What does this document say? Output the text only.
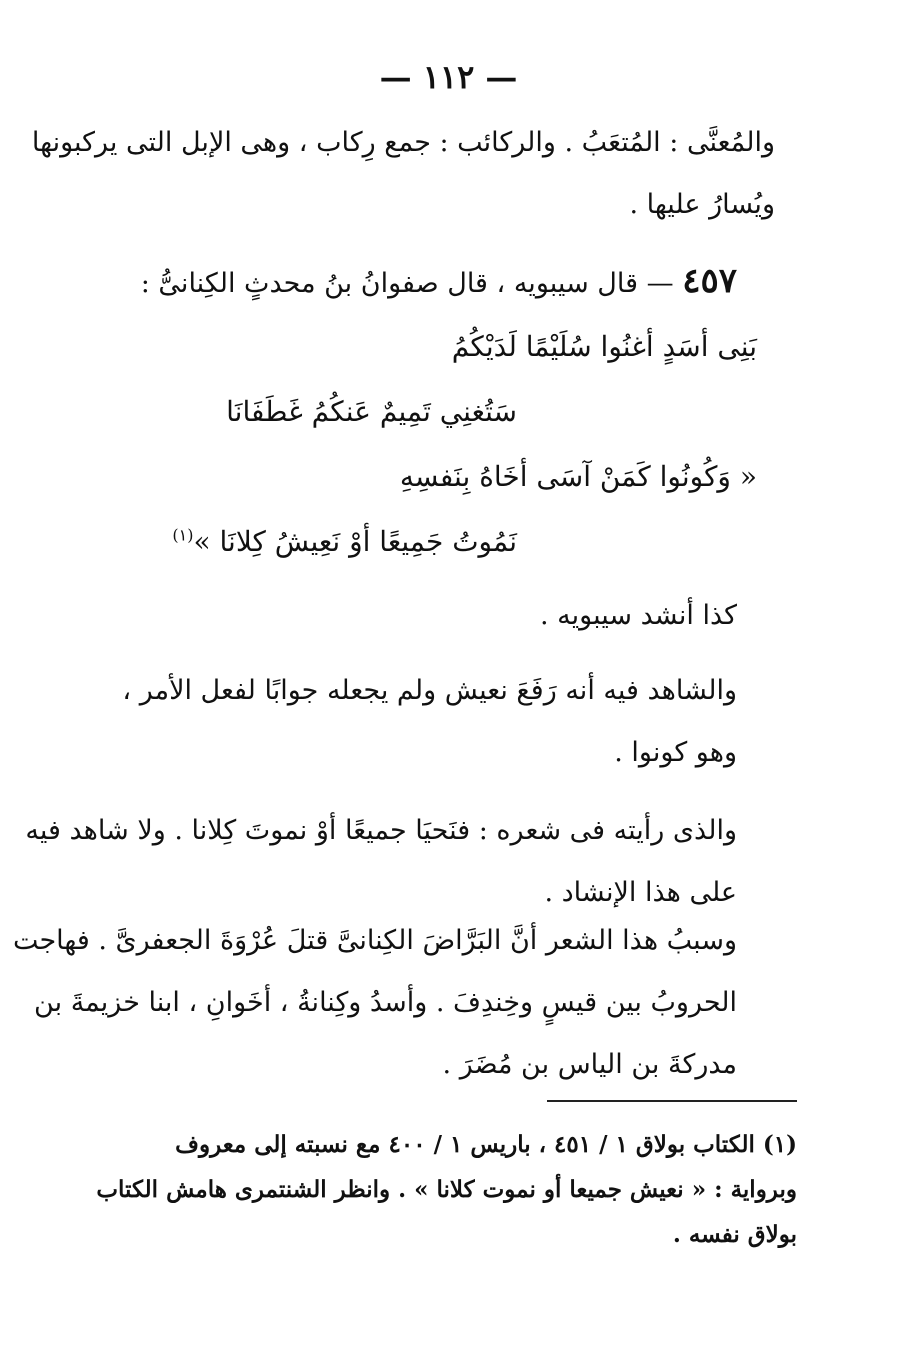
— ١١٢ —
والمُعنَّى : المُتعَبُ . والركائب : جمع رِكاب ، وهى الإبل التى يركبونها
ويُسارُ عليها .
٤٥٧ — قال سيبويه ، قال صفوانُ بنُ محدثٍ الكِنانىُّ :
بَنِى أسَدٍ أغنُوا سُلَيْمًا لَدَيْكُمُ
سَتُغنِي تَمِيمٌ عَنكُمُ غَطَفَانَا
« وَكُونُوا كَمَنْ آسَى أخَاهُ بِنَفسِهِ
نَمُوتُ جَمِيعًا أوْ نَعِيشُ كِلانَا »$^{(١)}$
كذا أنشد سيبويه .
والشاهد فيه أنه رَفَعَ نعيش ولم يجعله جوابًا لفعل الأمر ،
وهو كونوا .
والذى رأيته فى شعره : فنَحيَا جميعًا أوْ نموتَ كِلانا . ولا شاهد فيه
على هذا الإنشاد .
وسببُ هذا الشعر أنَّ البَرَّاضَ الكِنانىَّ قتلَ عُرْوَةَ الجعفرىَّ . فهاجت
الحروبُ بين قيسٍ وخِندِفَ . وأسدُ وكِنانةُ ، أخَوانِ ، ابنا خزيمةَ بن
مدركةَ بن الياس بن مُضَرَ .
(١) الكتاب بولاق ١ / ٤٥١ ، باريس ١ / ٤٠٠ مع نسبته إلى معروف
وبرواية : « نعيش جميعا أو نموت كلانا » . وانظر الشنتمرى هامش الكتاب
بولاق نفسه .
